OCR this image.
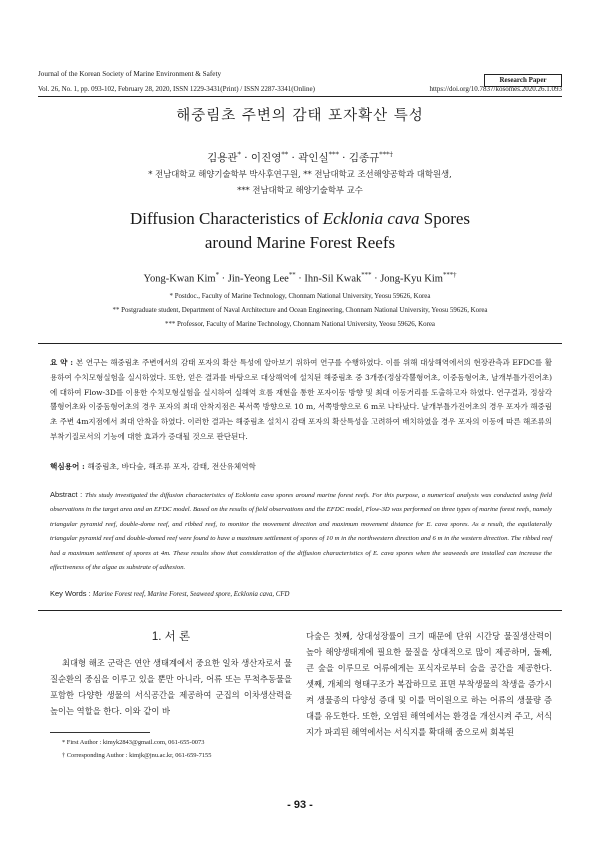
Journal of the Korean Society of Marine Environment & Safety
Research Paper
Vol. 26, No. 1, pp. 093-102, February 28, 2020, ISSN 1229-3431(Print) / ISSN 2287-3341(Online)	https://doi.org/10.7837/kosomes.2020.26.1.093
해중림초 주변의 감태 포자확산 특성
김용관* · 이진영** · 곽인실*** · 김종규***†
* 전남대학교 해양기술학부 박사후연구원, ** 전남대학교 조선해양공학과 대학원생,
*** 전남대학교 해양기술학부 교수
Diffusion Characteristics of Ecklonia cava Spores
around Marine Forest Reefs
Yong-Kwan Kim* · Jin-Yeong Lee** · Ihn-Sil Kwak*** · Jong-Kyu Kim***†
* Postdoc., Faculty of Marine Technology, Chonnam National University, Yeosu 59626, Korea
** Postgraduate student, Department of Naval Architecture and Ocean Engineering, Chonnam National University, Yeosu 59626, Korea
*** Professor, Faculty of Marine Technology, Chonnam National University, Yeosu 59626, Korea
요 약 : 본 연구는 해중림초 주변에서의 감태 포자의 확산 특성에 알아보기 위하여 연구를 수행하였다. 이를 위해 대상해역에서의 현장관측과 EFDC를 활용하여 수치모형실험을 실시하였다. 또한, 얻은 결과를 바탕으로 대상해역에 설치된 해중림초 중 3개종(정삼각뿔형어초, 이중돔형어초, 날개부틀가진어초)에 대하여 Flow-3D를 이용한 수치모형실험을 실시하여 실해역 흐름 재현을 통한 포자이동 방향 및 최대 이동거리를 도출하고자 하였다. 연구결과, 정삼각뿔형어초와 이중돔형어초의 경우 포자의 최대 안착지점은 북서쪽 방향으로 10 m, 서쪽방향으로 6 m로 나타났다. 날개부틀가진어초의 경우 포자가 해중림초 주변 4m지점에서 최대 안착을 하였다. 이러한 결과는 해중림초 설치시 감태 포자의 확산특성을 고려하여 배치하였을 경우 포자의 이동에 따른 해조류의 부착기질로서의 기능에 대한 효과가 증대될 것으로 판단된다.
핵심용어 : 해중림초, 바다숲, 해조류 포자, 감태, 전산유체역학
Abstract : This study investigated the diffusion characteristics of Ecklonia cava spores around marine forest reefs. For this purpose, a numerical analysis was conducted using field observations in the target area and an EFDC model. Based on the results of field observations and the EFDC model, Flow-3D was performed on three types of marine forest reefs, namely triangular pyramid reef, double-dome reef, and ribbed reef, to monitor the movement direction and maximum movement distance for E. cava spores. As a result, the equilaterally triangular pyramid reef and double-domed reef were found to have a maximum settlement of spores of 10 m in the northwestern direction and 6 m in the western direction. The ribbed reef had a maximum settlement of spores at 4m. These results show that consideration of the diffusion characteristics of E. cava spores when the seaweeds are installed can increase the effectiveness of the algae as substrate of adhesion.
Key Words : Marine Forest reef, Marine Forest, Seaweed spore, Ecklonia cava, CFD
1. 서 론
최대형 해조 군락은 연안 생태계에서 중요한 일차 생산자로서 물질순환의 중심을 이루고 있을 뿐만 아니라, 어류 또는 무척추동물을 포함한 다양한 생물의 서식공간을 제공하여 군집의 이차생산력을 높이는 역할을 한다. 이와 같이 바
다숲은 첫째, 상대성장률이 크기 때문에 단위 시간당 물질생산력이 높아 해양생태계에 필요한 물질을 상대적으로 많이 제공하며, 둘째, 큰 숲을 이루므로 어류에게는 포식자로부터 숨을 공간을 제공한다. 셋째, 개체의 형태구조가 복잡하므로 표면 부착생물의 착생을 증가시켜 생물종의 다양성 증대 및 이를 먹이원으로 하는 어류의 생물량 증대를 유도한다. 또한, 오염된 해역에서는 환경을 개선시켜 주고, 서식지가 파괴된 해역에서는 서식지를 확대해 줌으로써 회복된
* First Author : kimyk2843@gmail.com, 061-655-0073
† Corresponding Author : kimjk@jnu.ac.kr, 061-659-7155
- 93 -
